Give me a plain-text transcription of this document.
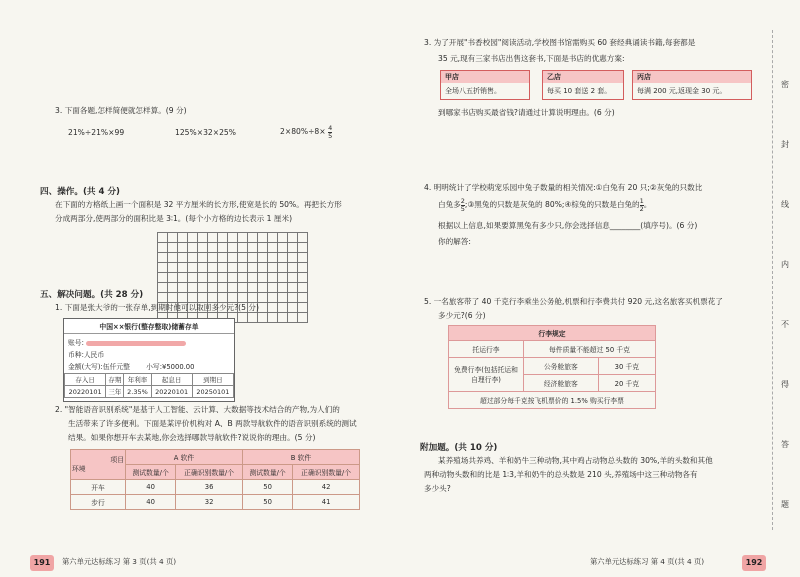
3. 下面各题,怎样简便就怎样算。(9 分)
21%÷21%×99	125%×32×25%	$2\times 80\%\div 8\times \frac{4}{5}$
四、操作。(共 4 分)
在下面的方格纸上画一个面积是 32 平方厘米的长方形,使宽是长的 50%。再把长方形
分成两部分,使两部分的面积比是 3∶1。(每个小方格的边长表示 1 厘米)
五、解决问题。(共 28 分)
1. 下面是张大爷的一张存单,到期时他可以取回多少元?(5 分)
中国××银行(整存整取)储蓄存单
账号:
币种:人民币
金额(大写):伍仟元整 小写:¥5000.00
存入日	存期	年利率	起息日	到期日
20220101	三年	2.35%	20220101	20250101
2. "智能语音识别系统"是基于人工智能、云计算、大数据等技术结合的产物,为人们的
生活带来了许多便利。下面是某评价机构对 A、B 两款导航软件的语音识别系统的测试
结果。如果你想开车去某地,你会选择哪款导航软件?说说你的理由。(5 分)
项目
环境	A 软件		B 软件	
	测试数量/个	正确识别数量/个	测试数量/个	正确识别数量/个
开车	40	36	50	42
步行	40	32	50	41
191	第六单元达标练习 第 3 页(共 4 页)
3. 为了开展"书香校园"阅读活动,学校图书馆需购买 60 套经典诵读书籍,每套都是
35 元,现有三家书店出售这套书,下面是书店的优惠方案:
甲店
全场八五折销售。
乙店
每买 10 套送 2 套。
丙店
每满 200 元,返现金 30 元。
到哪家书店购买最省钱?请通过计算说明理由。(6 分)
4. 明明统计了学校萌宠乐园中兔子数量的相关情况:①白兔有 20 只;②灰兔的只数比
白兔多 $\frac{2}{5}$ ;③黑兔的只数是灰兔的 80%;④棕兔的只数是白兔的 $\frac{1}{2}$ 。
根据以上信息,如果要算黑兔有多少只,你会选择信息________(填序号)。(6 分)
你的解答:
5. 一名旅客带了 40 千克行李乘坐公务舱,机票和行李费共付 920 元,这名旅客买机票花了
多少元?(6 分)
行李规定		
托运行李	每件质量不能超过 50 千克	
免费行李(包括托运和自理行李)	公务舱旅客	30 千克
	经济舱旅客	20 千克
超过部分每千克按飞机票价的 1.5% 购买行李票		
附加题。(共 10 分)
某养殖场共养鸡、羊和奶牛三种动物,其中鸡占动物总头数的 30%,羊的头数和其他
两种动物头数和的比是 1∶3,羊和奶牛的总头数是 210 头,养殖场中这三种动物各有
多少头?
密
封
线
内
不
得
答
题
第六单元达标练习 第 4 页(共 4 页)	192
